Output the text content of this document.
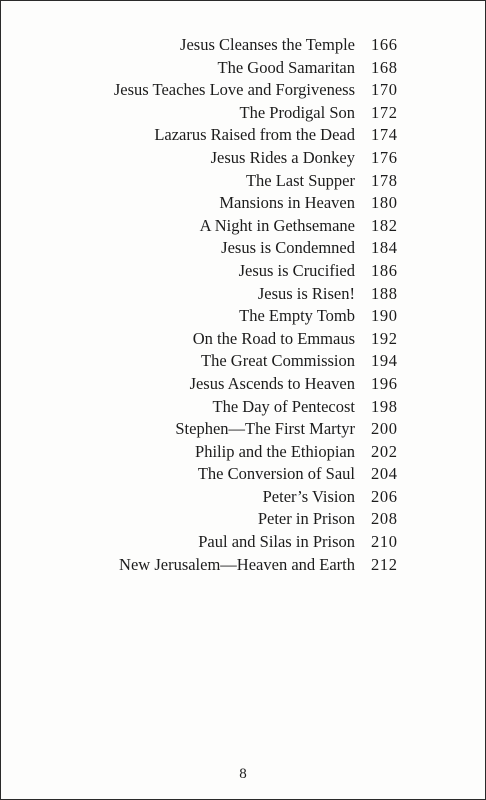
Jesus Cleanses the Temple 166
The Good Samaritan 168
Jesus Teaches Love and Forgiveness 170
The Prodigal Son 172
Lazarus Raised from the Dead 174
Jesus Rides a Donkey 176
The Last Supper 178
Mansions in Heaven 180
A Night in Gethsemane 182
Jesus is Condemned 184
Jesus is Crucified 186
Jesus is Risen! 188
The Empty Tomb 190
On the Road to Emmaus 192
The Great Commission 194
Jesus Ascends to Heaven 196
The Day of Pentecost 198
Stephen—The First Martyr 200
Philip and the Ethiopian 202
The Conversion of Saul 204
Peter’s Vision 206
Peter in Prison 208
Paul and Silas in Prison 210
New Jerusalem—Heaven and Earth 212
8
